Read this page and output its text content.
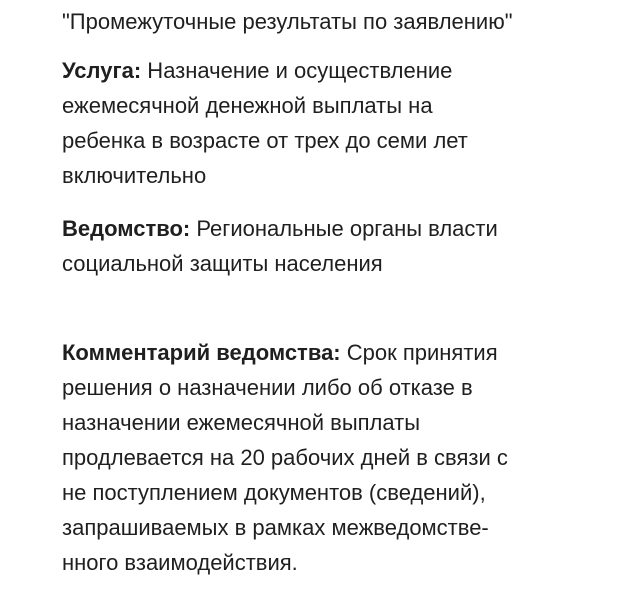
"Промежуточные результаты по заявлению"
Услуга: Назначение и осуществление
ежемесячной денежной выплаты на
ребенка в возрасте от трех до семи лет
включительно
Ведомство: Региональные органы власти
социальной защиты населения
Комментарий ведомства: Срок принятия
решения о назначении либо об отказе в
назначении ежемесячной выплаты
продлевается на 20 рабочих дней в связи с
не поступлением документов (сведений),
запрашиваемых в рамках межведомстве-
нного взаимодействия.
